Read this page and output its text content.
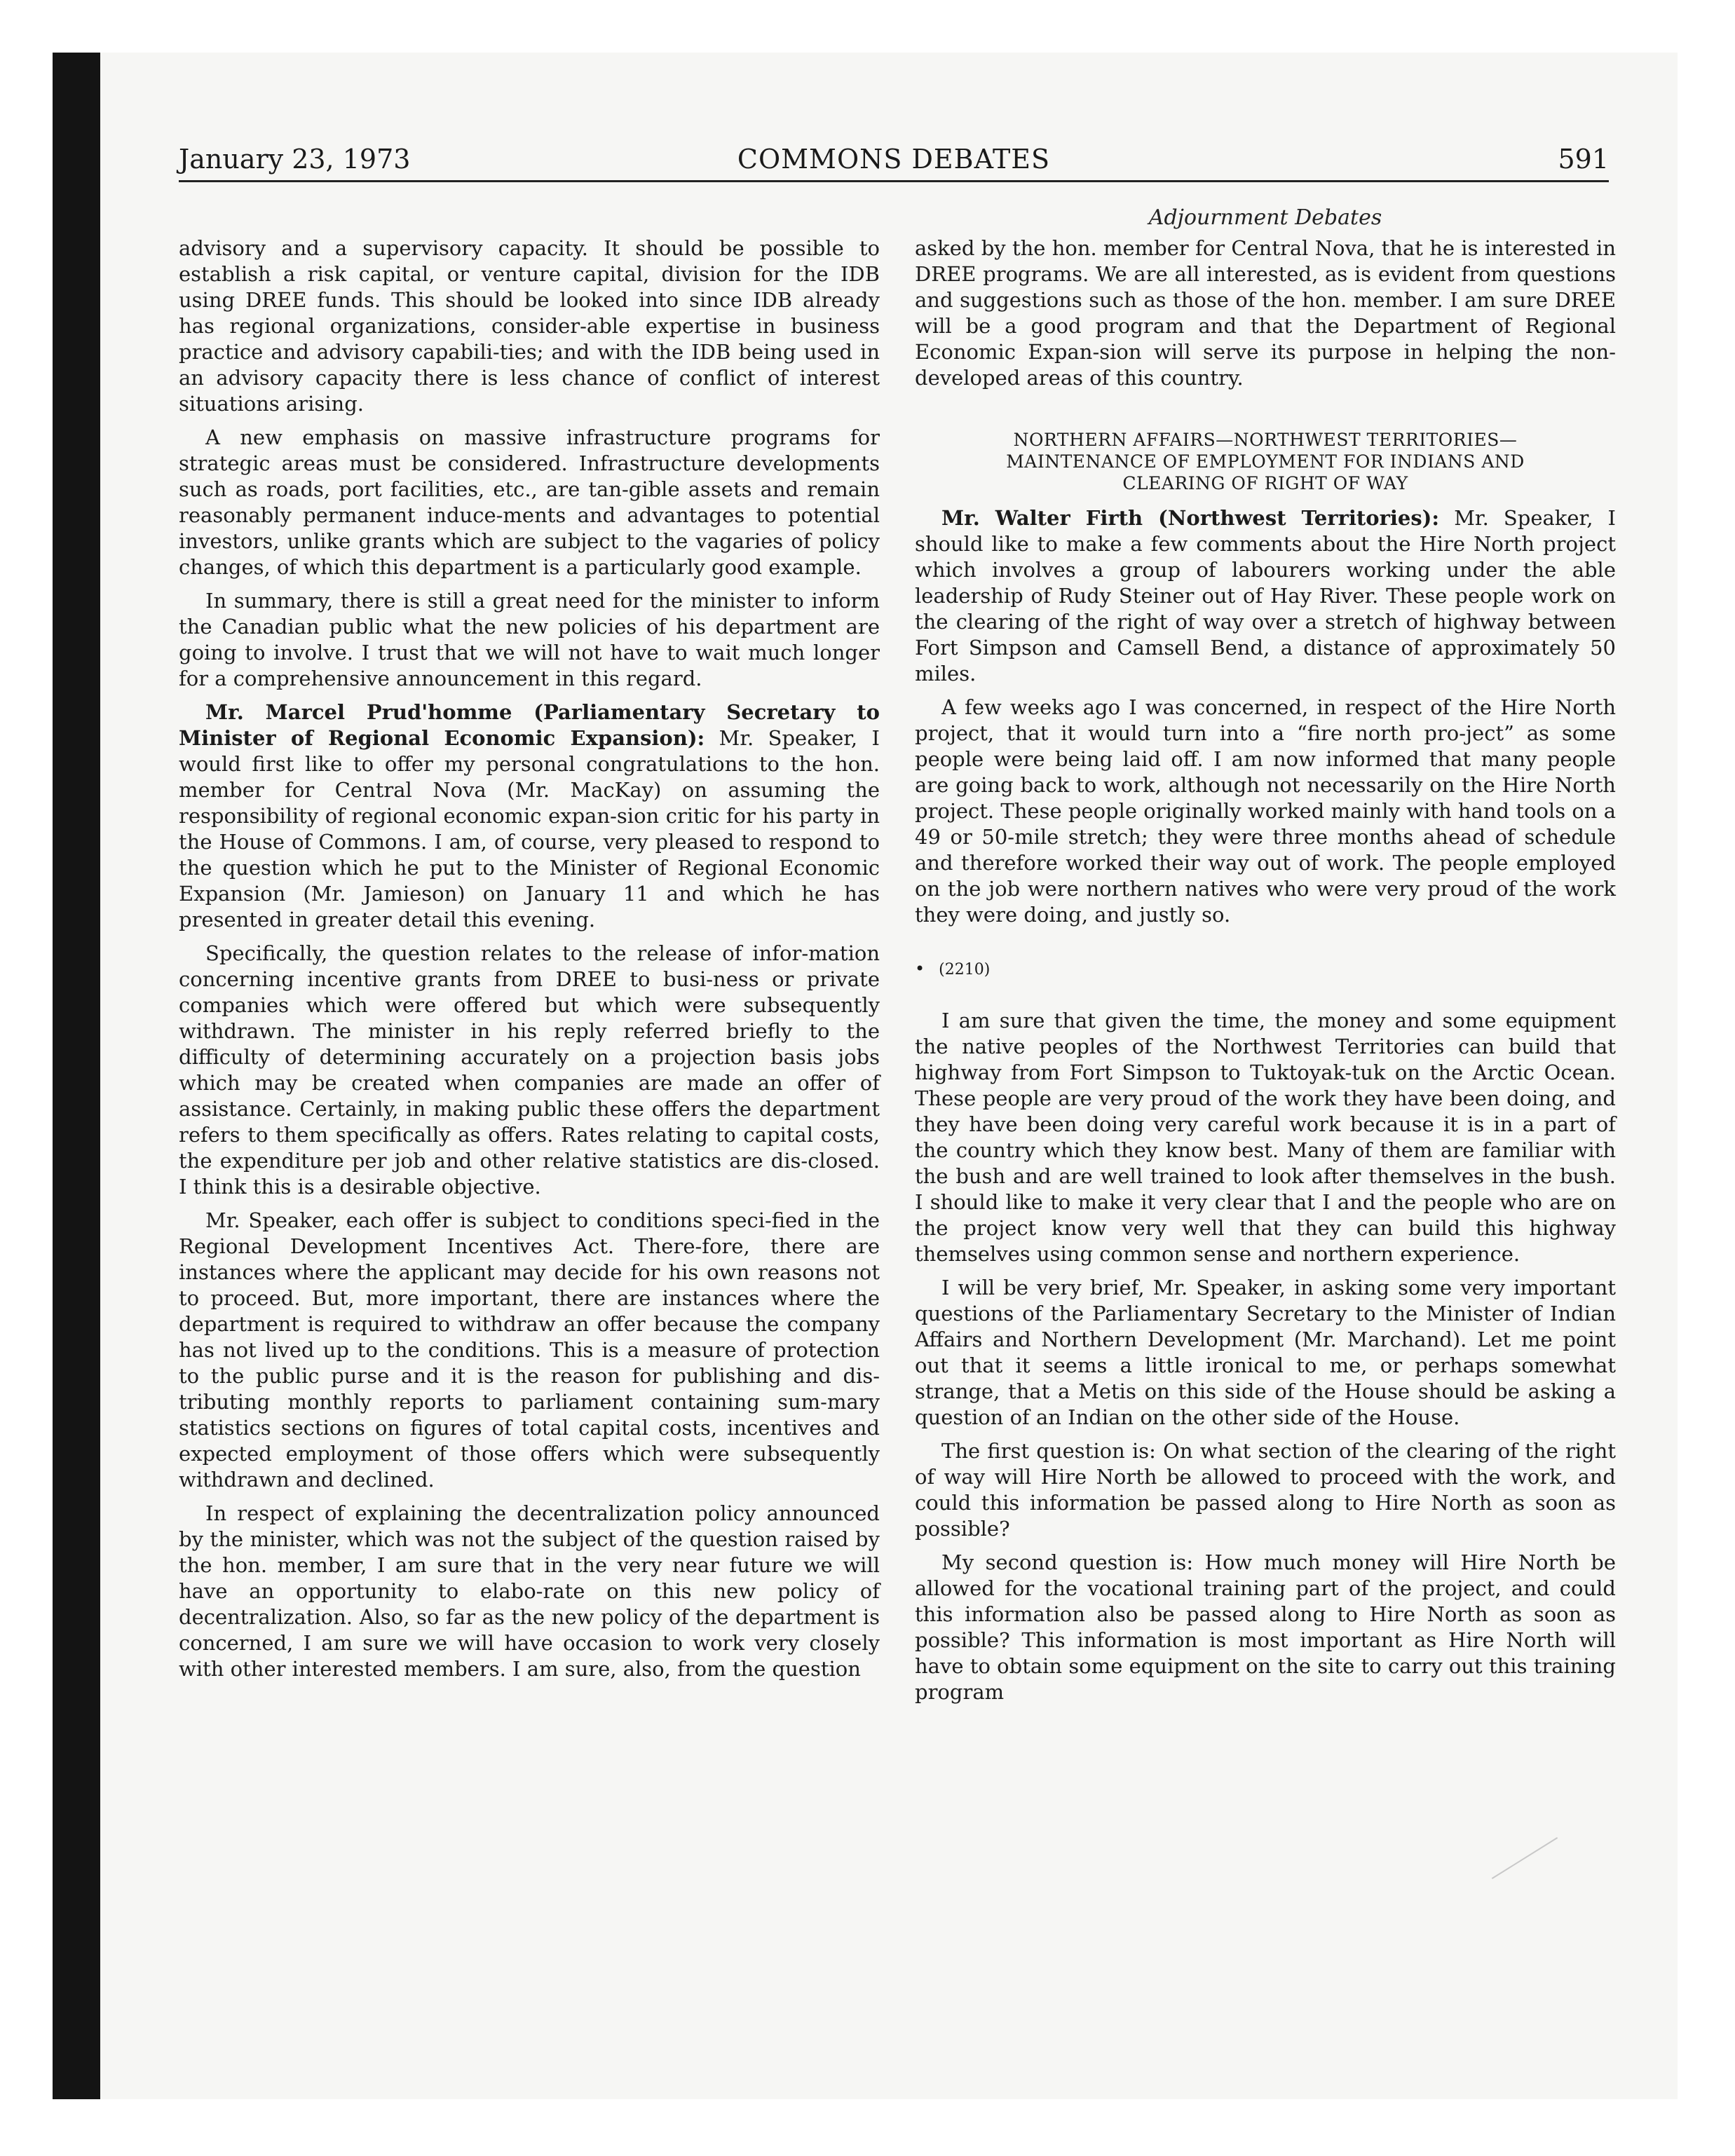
January 23, 1973	COMMONS DEBATES	591
Adjournment Debates

advisory and a supervisory capacity. It should be possible to establish a risk capital, or venture capital, division for the IDB using DREE funds. This should be looked into since IDB already has regional organizations, consider-able expertise in business practice and advisory capabili-ties; and with the IDB being used in an advisory capacity there is less chance of conflict of interest situations arising.

A new emphasis on massive infrastructure programs for strategic areas must be considered. Infrastructure developments such as roads, port facilities, etc., are tan-gible assets and remain reasonably permanent induce-ments and advantages to potential investors, unlike grants which are subject to the vagaries of policy changes, of which this department is a particularly good example.

In summary, there is still a great need for the minister to inform the Canadian public what the new policies of his department are going to involve. I trust that we will not have to wait much longer for a comprehensive announcement in this regard.

Mr. Marcel Prud'homme (Parliamentary Secretary to Minister of Regional Economic Expansion): Mr. Speaker, I would first like to offer my personal congratulations to the hon. member for Central Nova (Mr. MacKay) on assuming the responsibility of regional economic expan-sion critic for his party in the House of Commons. I am, of course, very pleased to respond to the question which he put to the Minister of Regional Economic Expansion (Mr. Jamieson) on January 11 and which he has presented in greater detail this evening.

Specifically, the question relates to the release of infor-mation concerning incentive grants from DREE to busi-ness or private companies which were offered but which were subsequently withdrawn. The minister in his reply referred briefly to the difficulty of determining accurately on a projection basis jobs which may be created when companies are made an offer of assistance. Certainly, in making public these offers the department refers to them specifically as offers. Rates relating to capital costs, the expenditure per job and other relative statistics are dis-closed. I think this is a desirable objective.

Mr. Speaker, each offer is subject to conditions speci-fied in the Regional Development Incentives Act. There-fore, there are instances where the applicant may decide for his own reasons not to proceed. But, more important, there are instances where the department is required to withdraw an offer because the company has not lived up to the conditions. This is a measure of protection to the public purse and it is the reason for publishing and dis-tributing monthly reports to parliament containing sum-mary statistics sections on figures of total capital costs, incentives and expected employment of those offers which were subsequently withdrawn and declined.

In respect of explaining the decentralization policy announced by the minister, which was not the subject of the question raised by the hon. member, I am sure that in the very near future we will have an opportunity to elabo-rate on this new policy of decentralization. Also, so far as the new policy of the department is concerned, I am sure we will have occasion to work very closely with other interested members. I am sure, also, from the question

asked by the hon. member for Central Nova, that he is interested in DREE programs. We are all interested, as is evident from questions and suggestions such as those of the hon. member. I am sure DREE will be a good program and that the Department of Regional Economic Expan-sion will serve its purpose in helping the non-developed areas of this country.

NORTHERN AFFAIRS—NORTHWEST TERRITORIES—
MAINTENANCE OF EMPLOYMENT FOR INDIANS AND
CLEARING OF RIGHT OF WAY

Mr. Walter Firth (Northwest Territories): Mr. Speaker, I should like to make a few comments about the Hire North project which involves a group of labourers working under the able leadership of Rudy Steiner out of Hay River. These people work on the clearing of the right of way over a stretch of highway between Fort Simpson and Camsell Bend, a distance of approximately 50 miles.

A few weeks ago I was concerned, in respect of the Hire North project, that it would turn into a “fire north pro-ject” as some people were being laid off. I am now informed that many people are going back to work, although not necessarily on the Hire North project. These people originally worked mainly with hand tools on a 49 or 50-mile stretch; they were three months ahead of schedule and therefore worked their way out of work. The people employed on the job were northern natives who were very proud of the work they were doing, and justly so.

• (2210)

I am sure that given the time, the money and some equipment the native peoples of the Northwest Territories can build that highway from Fort Simpson to Tuktoyak-tuk on the Arctic Ocean. These people are very proud of the work they have been doing, and they have been doing very careful work because it is in a part of the country which they know best. Many of them are familiar with the bush and are well trained to look after themselves in the bush. I should like to make it very clear that I and the people who are on the project know very well that they can build this highway themselves using common sense and northern experience.

I will be very brief, Mr. Speaker, in asking some very important questions of the Parliamentary Secretary to the Minister of Indian Affairs and Northern Development (Mr. Marchand). Let me point out that it seems a little ironical to me, or perhaps somewhat strange, that a Metis on this side of the House should be asking a question of an Indian on the other side of the House.

The first question is: On what section of the clearing of the right of way will Hire North be allowed to proceed with the work, and could this information be passed along to Hire North as soon as possible?

My second question is: How much money will Hire North be allowed for the vocational training part of the project, and could this information also be passed along to Hire North as soon as possible? This information is most important as Hire North will have to obtain some equipment on the site to carry out this training program
